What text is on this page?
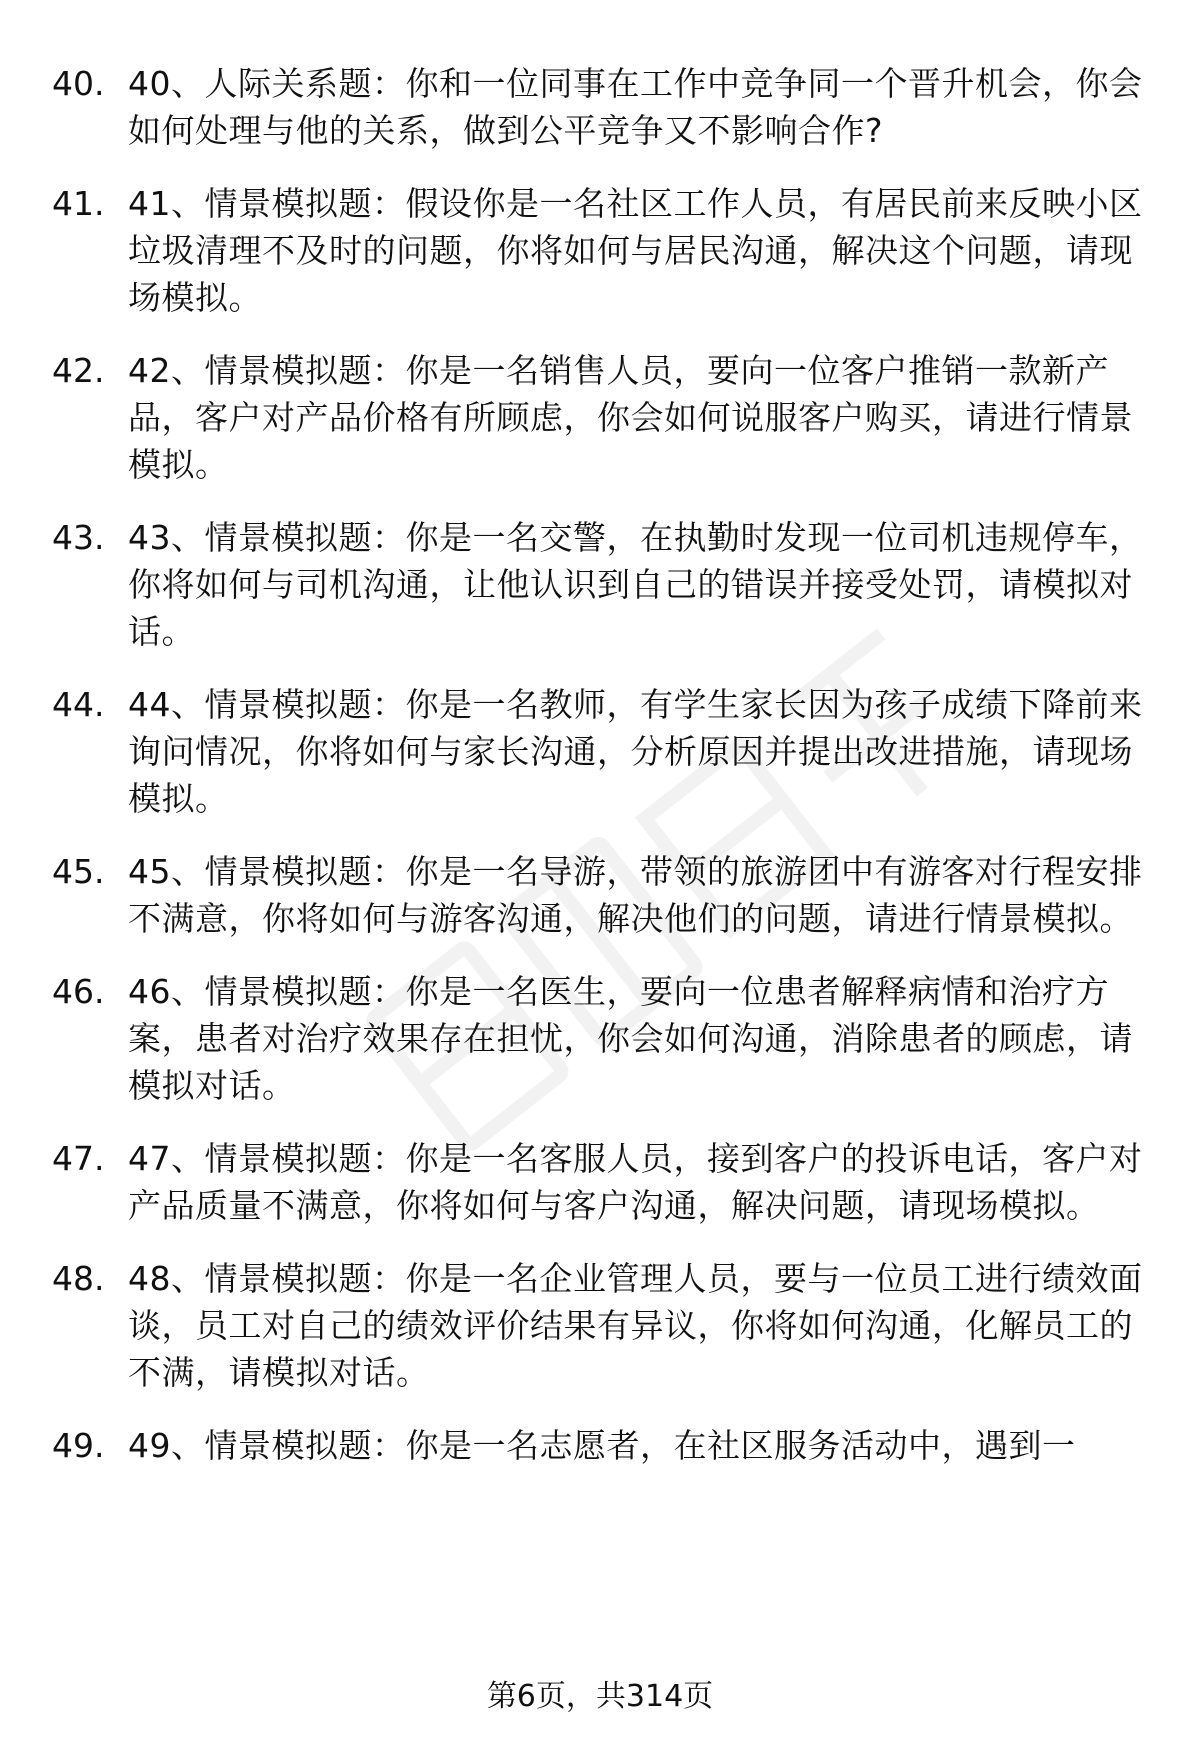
40. 40、人际关系题：你和一位同事在工作中竞争同一个晋升机会，你会如何处理与他的关系，做到公平竞争又不影响合作?
41. 41、情景模拟题：假设你是一名社区工作人员，有居民前来反映小区垃圾清理不及时的问题，你将如何与居民沟通，解决这个问题，请现场模拟。
42. 42、情景模拟题：你是一名销售人员，要向一位客户推销一款新产品，客户对产品价格有所顾虑，你会如何说服客户购买，请进行情景模拟。
43. 43、情景模拟题：你是一名交警，在执勤时发现一位司机违规停车，你将如何与司机沟通，让他认识到自己的错误并接受处罚，请模拟对话。
44. 44、情景模拟题：你是一名教师，有学生家长因为孩子成绩下降前来询问情况，你将如何与家长沟通，分析原因并提出改进措施，请现场模拟。
45. 45、情景模拟题：你是一名导游，带领的旅游团中有游客对行程安排不满意，你将如何与游客沟通，解决他们的问题，请进行情景模拟。
46. 46、情景模拟题：你是一名医生，要向一位患者解释病情和治疗方案，患者对治疗效果存在担忧，你会如何沟通，消除患者的顾虑，请模拟对话。
47. 47、情景模拟题：你是一名客服人员，接到客户的投诉电话，客户对产品质量不满意，你将如何与客户沟通，解决问题，请现场模拟。
48. 48、情景模拟题：你是一名企业管理人员，要与一位员工进行绩效面谈，员工对自己的绩效评价结果有异议，你将如何沟通，化解员工的不满，请模拟对话。
49. 49、情景模拟题：你是一名志愿者，在社区服务活动中，遇到一
第6页，共314页
